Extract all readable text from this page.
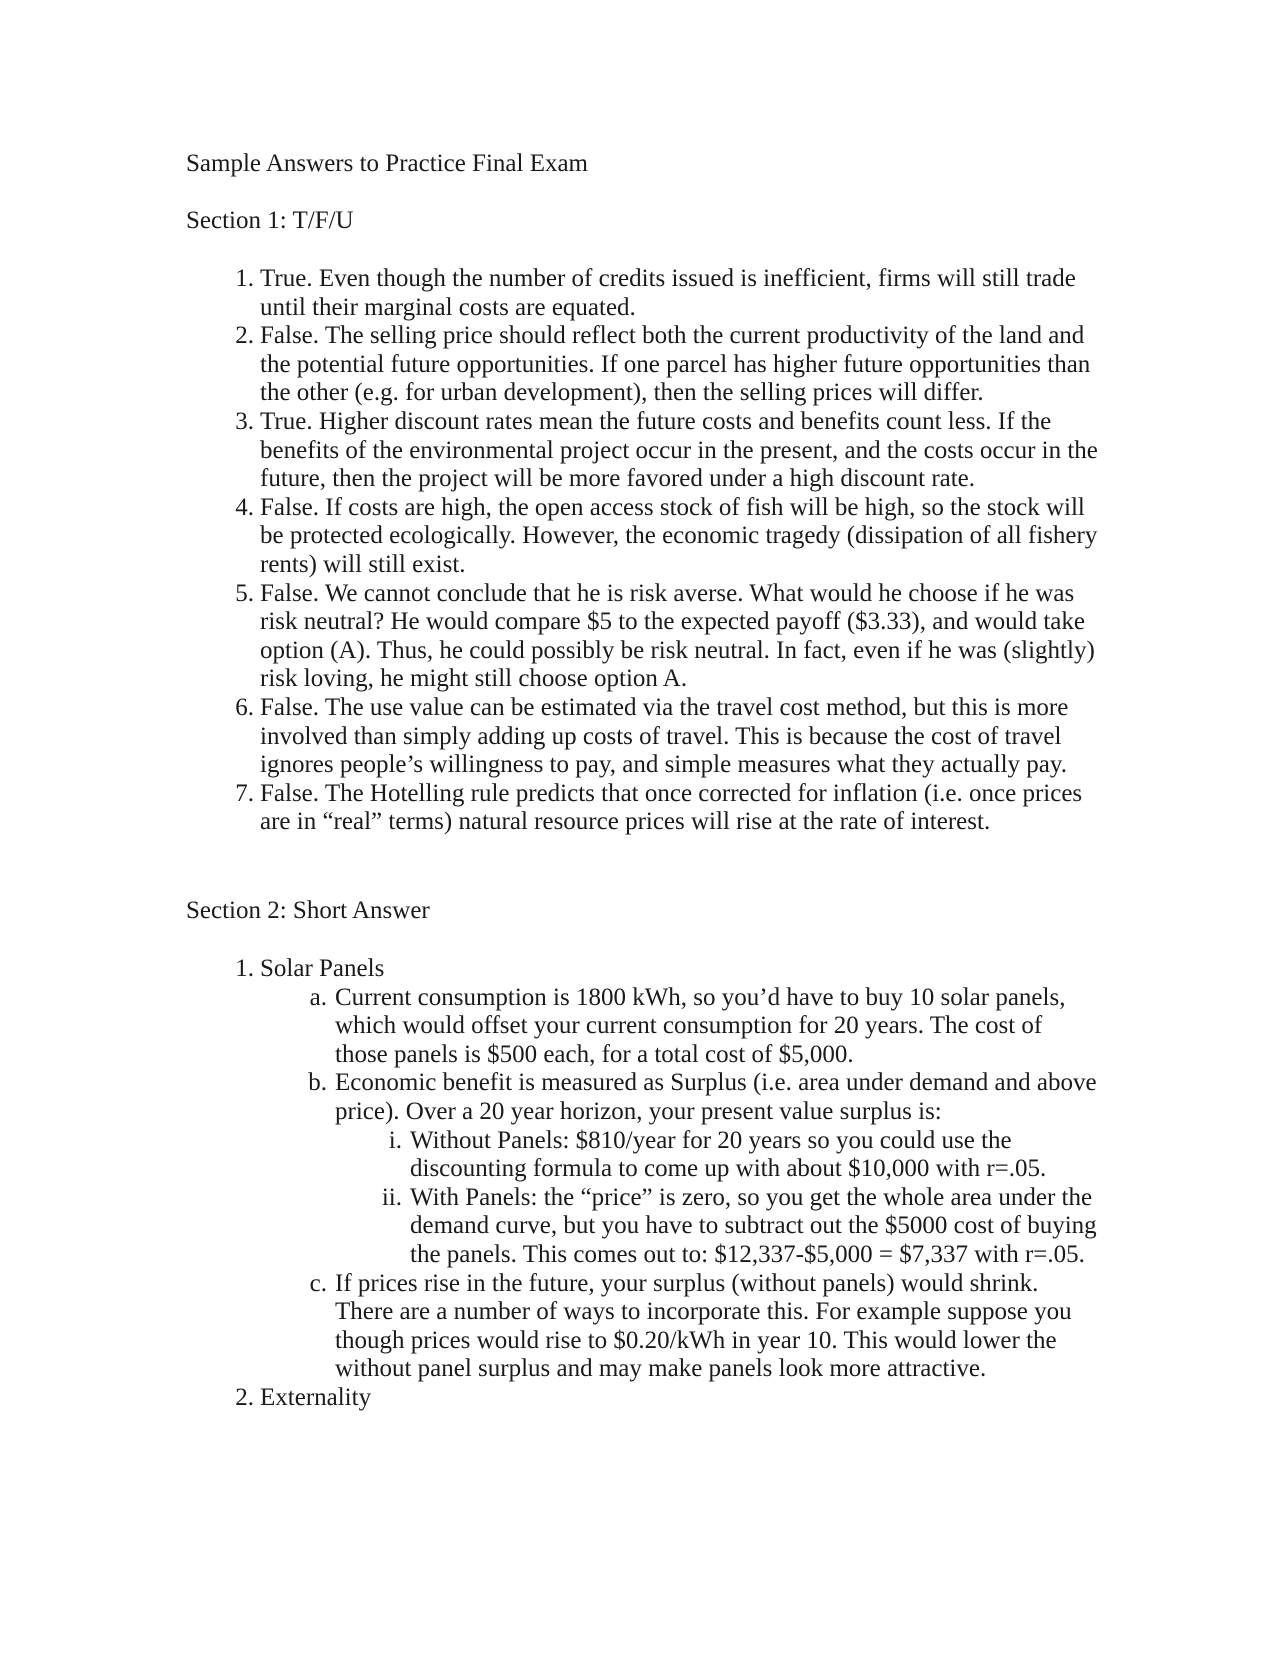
Sample Answers to Practice Final Exam
Section 1: T/F/U
1. True. Even though the number of credits issued is inefficient, firms will still trade until their marginal costs are equated.
2. False. The selling price should reflect both the current productivity of the land and the potential future opportunities. If one parcel has higher future opportunities than the other (e.g. for urban development), then the selling prices will differ.
3. True. Higher discount rates mean the future costs and benefits count less. If the benefits of the environmental project occur in the present, and the costs occur in the future, then the project will be more favored under a high discount rate.
4. False. If costs are high, the open access stock of fish will be high, so the stock will be protected ecologically. However, the economic tragedy (dissipation of all fishery rents) will still exist.
5. False. We cannot conclude that he is risk averse. What would he choose if he was risk neutral? He would compare $5 to the expected payoff ($3.33), and would take option (A). Thus, he could possibly be risk neutral. In fact, even if he was (slightly) risk loving, he might still choose option A.
6. False. The use value can be estimated via the travel cost method, but this is more involved than simply adding up costs of travel. This is because the cost of travel ignores people’s willingness to pay, and simple measures what they actually pay.
7. False. The Hotelling rule predicts that once corrected for inflation (i.e. once prices are in “real” terms) natural resource prices will rise at the rate of interest.
Section 2: Short Answer
1. Solar Panels
a. Current consumption is 1800 kWh, so you’d have to buy 10 solar panels, which would offset your current consumption for 20 years. The cost of those panels is $500 each, for a total cost of $5,000.
b. Economic benefit is measured as Surplus (i.e. area under demand and above price). Over a 20 year horizon, your present value surplus is:
i. Without Panels: $810/year for 20 years so you could use the discounting formula to come up with about $10,000 with r=.05.
ii. With Panels: the “price” is zero, so you get the whole area under the demand curve, but you have to subtract out the $5000 cost of buying the panels. This comes out to: $12,337-$5,000 = $7,337 with r=.05.
c. If prices rise in the future, your surplus (without panels) would shrink. There are a number of ways to incorporate this. For example suppose you though prices would rise to $0.20/kWh in year 10. This would lower the without panel surplus and may make panels look more attractive.
2. Externality
